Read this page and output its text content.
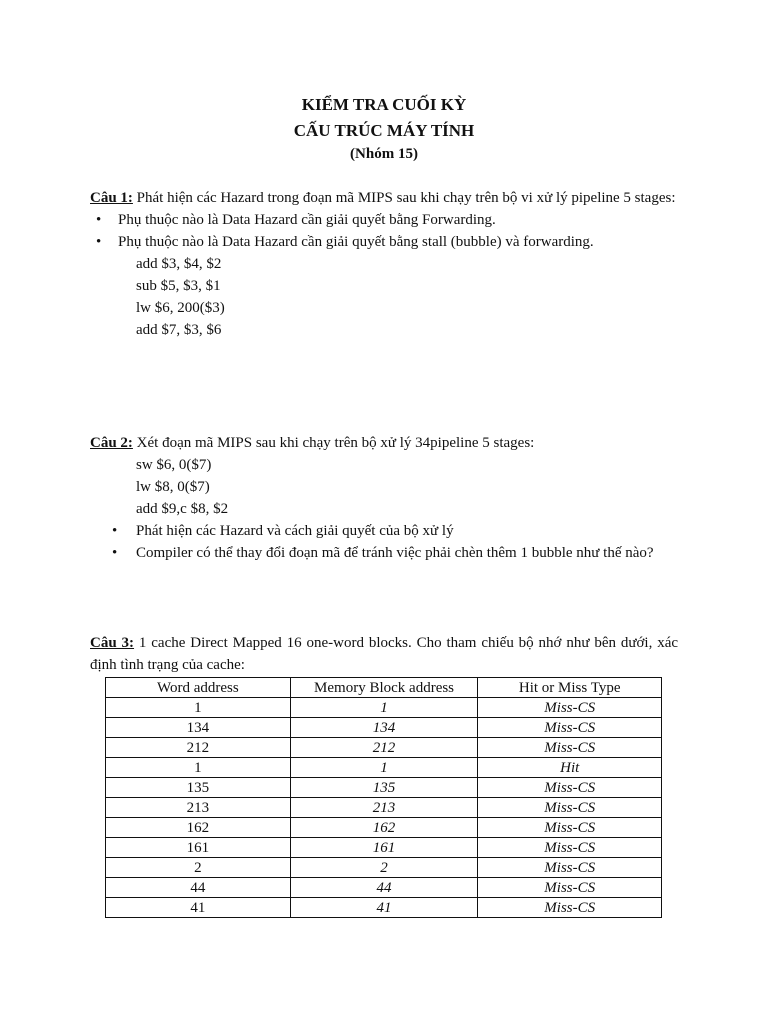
KIỂM TRA CUỐI KỲ
CẤU TRÚC MÁY TÍNH
(Nhóm 15)
Câu 1: Phát hiện các Hazard trong đoạn mã MIPS sau khi chạy trên bộ vi xử lý pipeline 5 stages:
• Phụ thuộc nào là Data Hazard cần giải quyết bằng Forwarding.
• Phụ thuộc nào là Data Hazard cần giải quyết bằng stall (bubble) và forwarding.
add $3, $4, $2
sub $5, $3, $1
lw $6, 200($3)
add $7, $3, $6
Câu 2: Xét đoạn mã MIPS sau khi chạy trên bộ xử lý 34pipeline 5 stages:
sw $6, 0($7)
lw $8, 0($7)
add $9,c $8, $2
• Phát hiện các Hazard và cách giải quyết của bộ xử lý
• Compiler có thể thay đổi đoạn mã để tránh việc phải chèn thêm 1 bubble như thế nào?
Câu 3: 1 cache Direct Mapped 16 one-word blocks. Cho tham chiếu bộ nhớ như bên dưới, xác định tình trạng của cache:
Word address	Memory Block address	Hit or Miss Type
1	1	Miss-CS
134	134	Miss-CS
212	212	Miss-CS
1	1	Hit
135	135	Miss-CS
213	213	Miss-CS
162	162	Miss-CS
161	161	Miss-CS
2	2	Miss-CS
44	44	Miss-CS
41	41	Miss-CS
